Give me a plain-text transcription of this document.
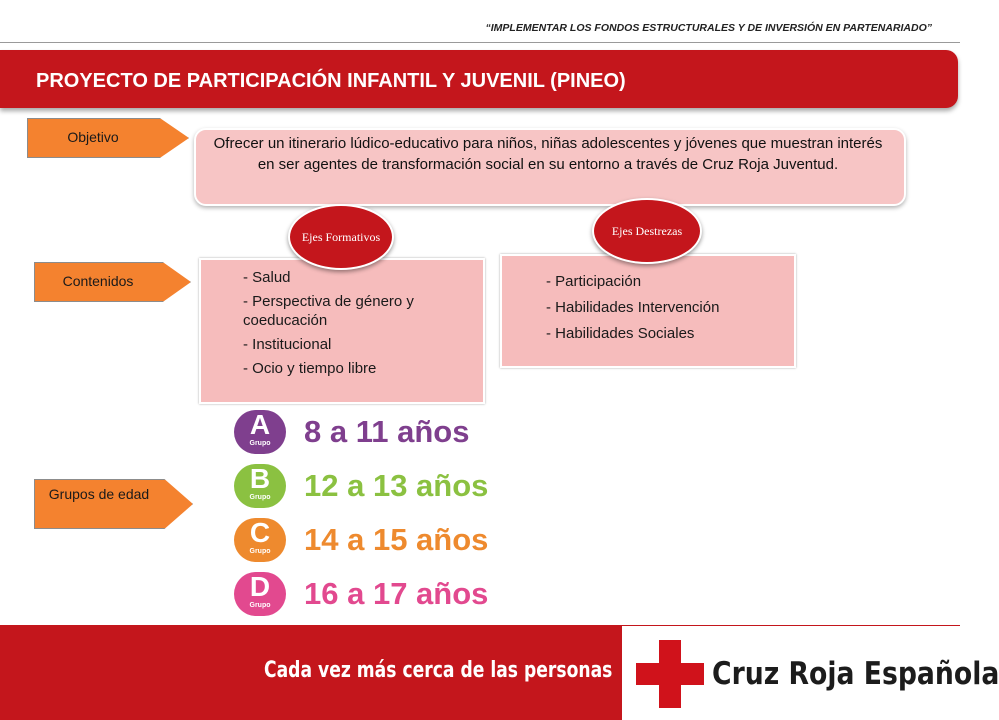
“IMPLEMENTAR LOS FONDOS ESTRUCTURALES Y DE INVERSIÓN EN PARTENARIADO”
PROYECTO DE PARTICIPACIÓN INFANTIL Y JUVENIL (PINEO)
Objetivo	Ofrecer un itinerario lúdico-educativo para niños, niñas adolescentes y jóvenes que muestran interés en ser agentes de transformación social en su entorno a través de Cruz Roja Juventud.
Contenidos	- Salud
- Perspectiva de género y coeducación
- Institucional
- Ocio y tiempo libre
Ejes Formativos
- Participación
- Habilidades Intervención
- Habilidades Sociales
Ejes Destrezas
Grupos de edad
A
Grupo	8 a 11 años
B
Grupo	12 a 13 años
C
Grupo	14 a 15 años
D
Grupo	16 a 17 años
Cada vez más cerca de las personas	Cruz Roja Española
